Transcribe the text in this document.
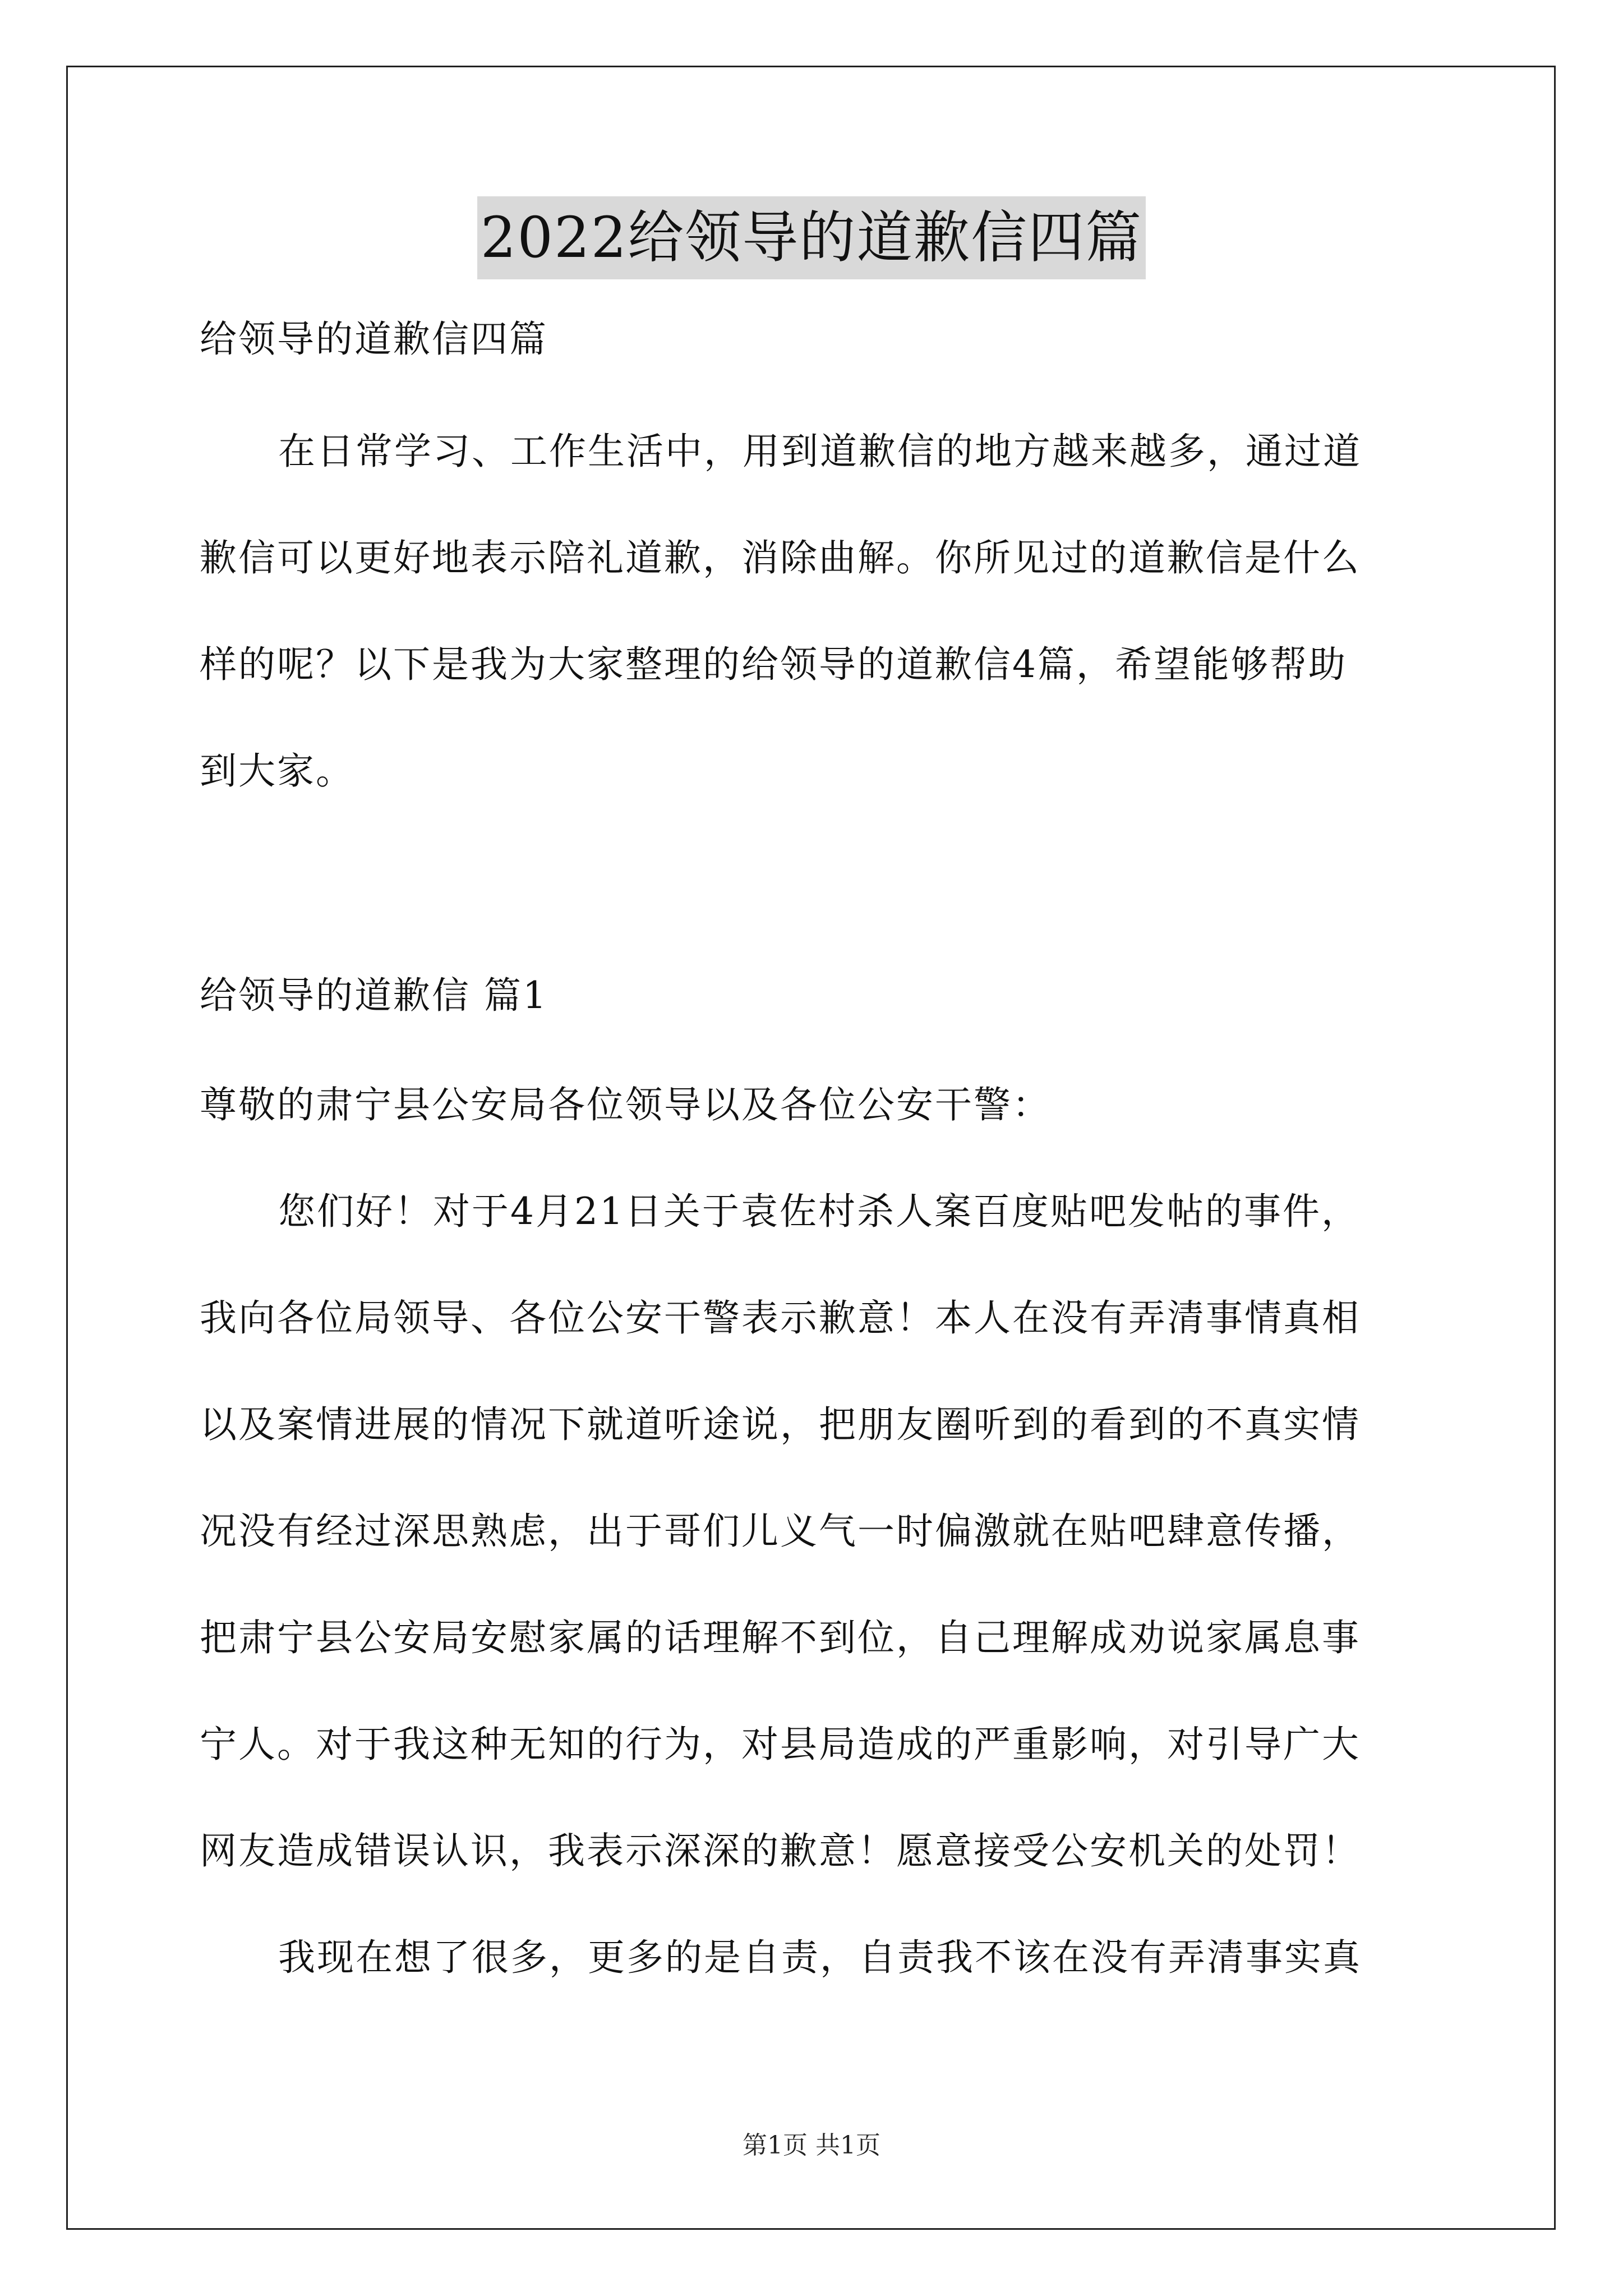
2022给领导的道歉信四篇
给领导的道歉信四篇
在日常学习、工作生活中，用到道歉信的地方越来越多，通过道
歉信可以更好地表示陪礼道歉，消除曲解。你所见过的道歉信是什么
样的呢？以下是我为大家整理的给领导的道歉信4篇，希望能够帮助
到大家。
给领导的道歉信 篇1
尊敬的肃宁县公安局各位领导以及各位公安干警：
您们好！对于4月21日关于袁佐村杀人案百度贴吧发帖的事件，
我向各位局领导、各位公安干警表示歉意！本人在没有弄清事情真相
以及案情进展的情况下就道听途说，把朋友圈听到的看到的不真实情
况没有经过深思熟虑，出于哥们儿义气一时偏激就在贴吧肆意传播，
把肃宁县公安局安慰家属的话理解不到位，自己理解成劝说家属息事
宁人。对于我这种无知的行为，对县局造成的严重影响，对引导广大
网友造成错误认识，我表示深深的歉意！愿意接受公安机关的处罚！
我现在想了很多，更多的是自责，自责我不该在没有弄清事实真
第1页 共1页
